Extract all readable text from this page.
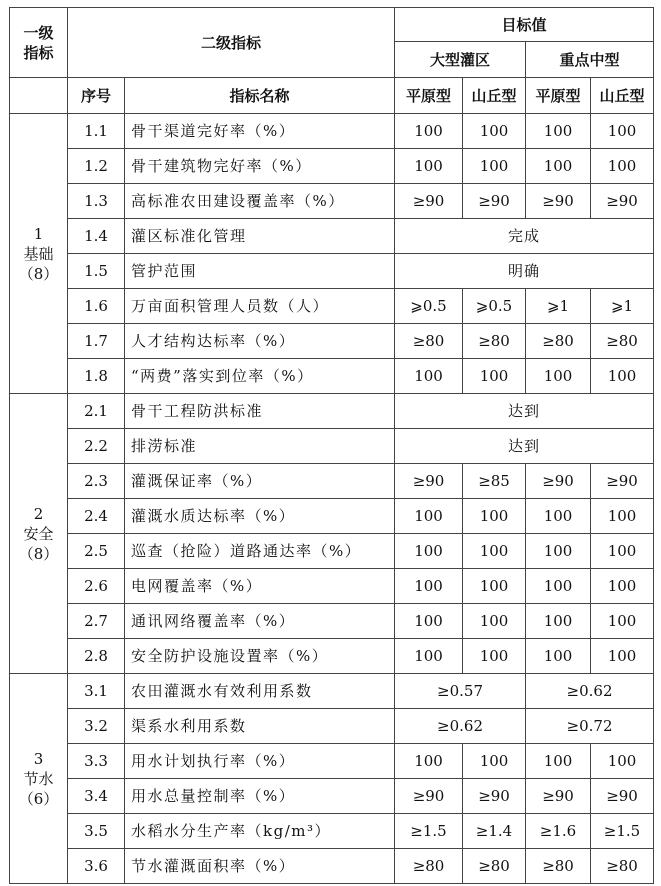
一级
指标	二级指标		目标值			
			大型灌区		重点中型	
	序号	指标名称	平原型	山丘型	平原型	山丘型

1
基础
（8）	1.1	骨干渠道完好率（%）	100	100	100	100
	1.2	骨干建筑物完好率（%）	100	100	100	100
	1.3	高标准农田建设覆盖率（%）	≥90	≥90	≥90	≥90
	1.4	灌区标准化管理	完成			
	1.5	管护范围	明确			
	1.6	万亩面积管理人员数（人）	⩾0.5	⩾0.5	⩾1	⩾1
	1.7	人才结构达标率（%）	≥80	≥80	≥80	≥80
	1.8	“两费”落实到位率（%）	100	100	100	100

2
安全
（8）	2.1	骨干工程防洪标准	达到			
	2.2	排涝标准	达到			
	2.3	灌溉保证率（%）	≥90	≥85	≥90	≥90
	2.4	灌溉水质达标率（%）	100	100	100	100
	2.5	巡查（抢险）道路通达率（%）	100	100	100	100
	2.6	电网覆盖率（%）	100	100	100	100
	2.7	通讯网络覆盖率（%）	100	100	100	100
	2.8	安全防护设施设置率（%）	100	100	100	100

3
节水
（6）	3.1	农田灌溉水有效利用系数	≥0.57		≥0.62	
	3.2	渠系水利用系数	≥0.62		≥0.72	
	3.3	用水计划执行率（%）	100	100	100	100
	3.4	用水总量控制率（%）	≥90	≥90	≥90	≥90
	3.5	水稻水分生产率（kg/m³）	≥1.5	≥1.4	≥1.6	≥1.5
	3.6	节水灌溉面积率（%）	≥80	≥80	≥80	≥80
